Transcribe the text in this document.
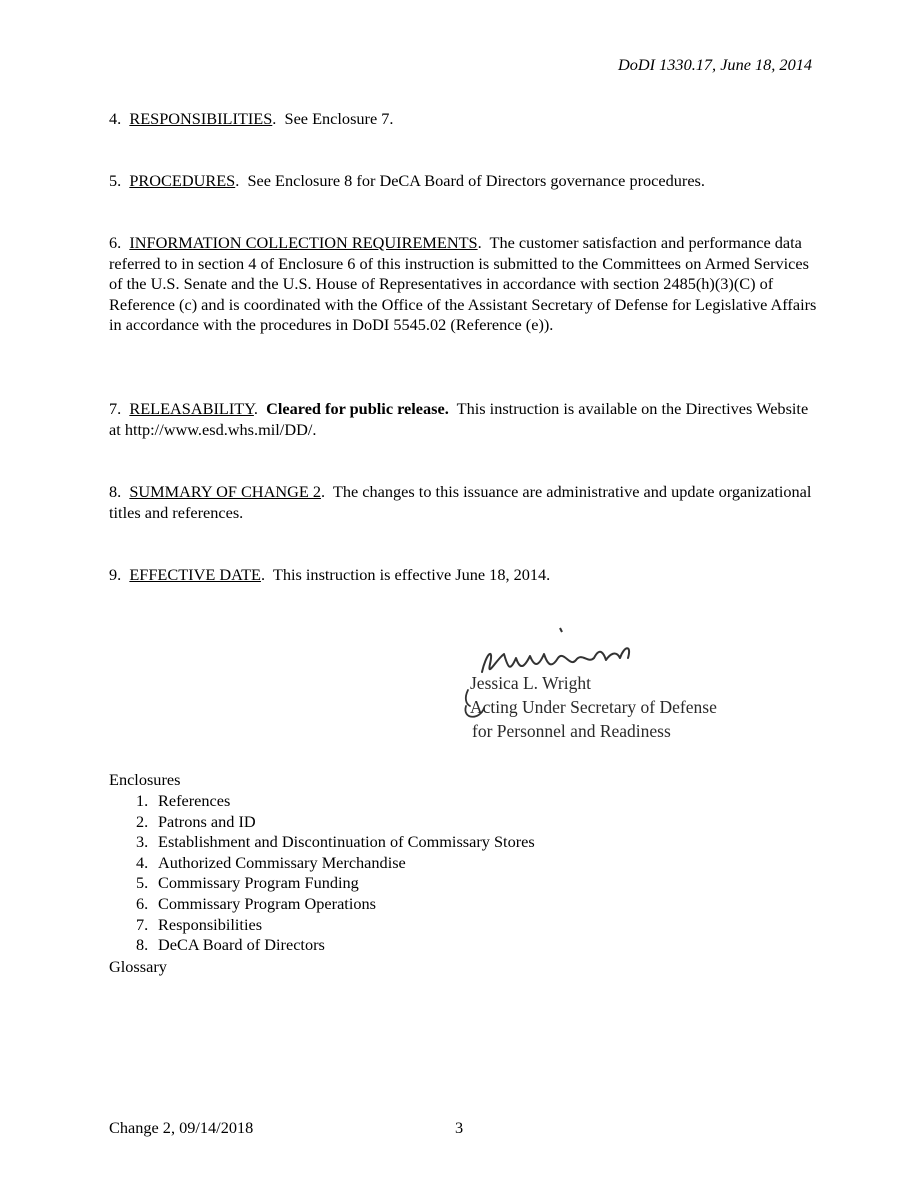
DoDI 1330.17, June 18, 2014
4. RESPONSIBILITIES.  See Enclosure 7.
5. PROCEDURES.  See Enclosure 8 for DeCA Board of Directors governance procedures.
6. INFORMATION COLLECTION REQUIREMENTS.  The customer satisfaction and performance data referred to in section 4 of Enclosure 6 of this instruction is submitted to the Committees on Armed Services of the U.S. Senate and the U.S. House of Representatives in accordance with section 2485(h)(3)(C) of Reference (c) and is coordinated with the Office of the Assistant Secretary of Defense for Legislative Affairs in accordance with the procedures in DoDI 5545.02 (Reference (e)).
7. RELEASABILITY.  Cleared for public release. This instruction is available on the Directives Website at http://www.esd.whs.mil/DD/.
8. SUMMARY OF CHANGE 2.  The changes to this issuance are administrative and update organizational titles and references.
9. EFFECTIVE DATE.  This instruction is effective June 18, 2014.
Jessica L. Wright
Acting Under Secretary of Defense
for Personnel and Readiness
Enclosures
1. References
2. Patrons and ID
3. Establishment and Discontinuation of Commissary Stores
4. Authorized Commissary Merchandise
5. Commissary Program Funding
6. Commissary Program Operations
7. Responsibilities
8. DeCA Board of Directors
Glossary
Change 2, 09/14/2018	3
